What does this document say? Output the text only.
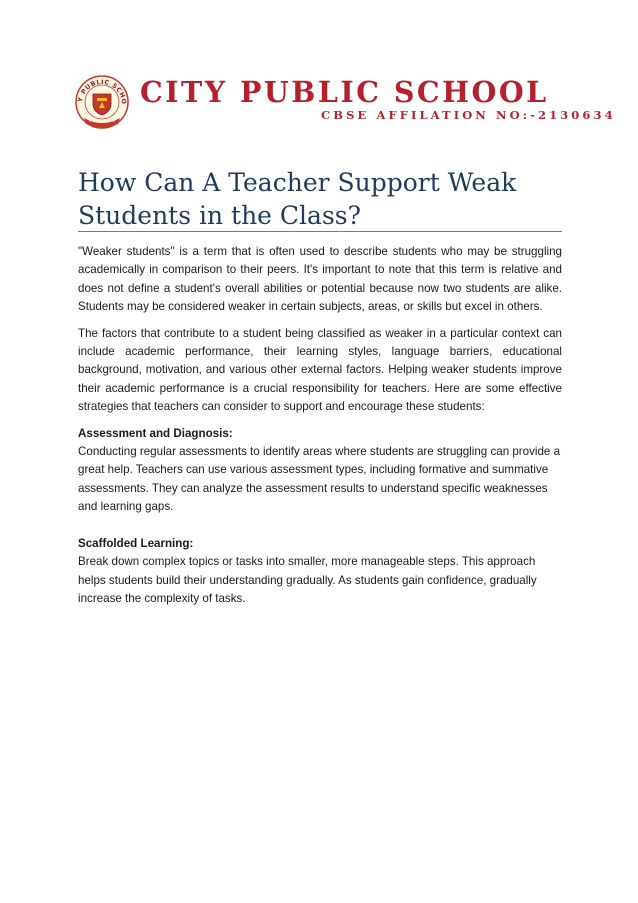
Y PUBLIC SCHO CITY PUBLIC SCHOOL
CBSE AFFILATION NO:-2130634
How Can A Teacher Support Weak
Students in the Class?

"Weaker students" is a term that is often used to describe students who may be struggling academically in comparison to their peers. It's important to note that this term is relative and does not define a student's overall abilities or potential because now two students are alike. Students may be considered weaker in certain subjects, areas, or skills but excel in others.

The factors that contribute to a student being classified as weaker in a particular context can include academic performance, their learning styles, language barriers, educational background, motivation, and various other external factors. Helping weaker students improve their academic performance is a crucial responsibility for teachers. Here are some effective strategies that teachers can consider to support and encourage these students:

Assessment and Diagnosis:

Conducting regular assessments to identify areas where students are struggling can provide a great help. Teachers can use various assessment types, including formative and summative assessments. They can analyze the assessment results to understand specific weaknesses and learning gaps.

Scaffolded Learning:

Break down complex topics or tasks into smaller, more manageable steps. This approach helps students build their understanding gradually. As students gain confidence, gradually increase the complexity of tasks.
